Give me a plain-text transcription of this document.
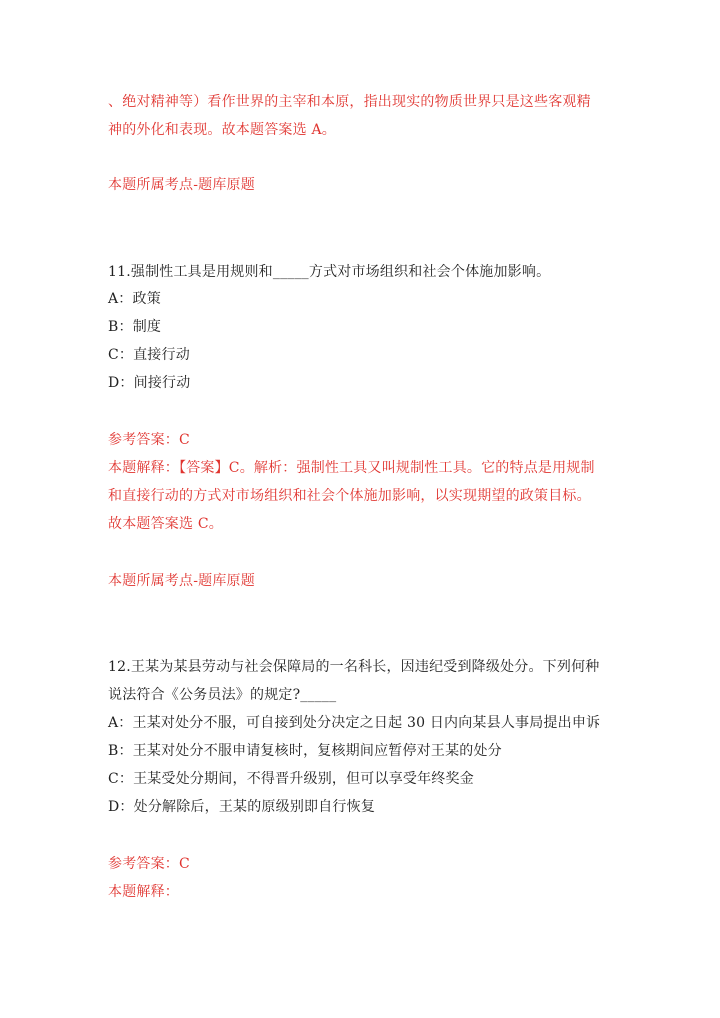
、绝对精神等）看作世界的主宰和本原，指出现实的物质世界只是这些客观精
神的外化和表现。故本题答案选 A。
本题所属考点-题库原题
11.强制性工具是用规则和_____方式对市场组织和社会个体施加影响。
A：政策
B：制度
C：直接行动
D：间接行动
参考答案：C
本题解释：【答案】C。解析：强制性工具又叫规制性工具。它的特点是用规制
和直接行动的方式对市场组织和社会个体施加影响，以实现期望的政策目标。
故本题答案选 C。
本题所属考点-题库原题
12.王某为某县劳动与社会保障局的一名科长，因违纪受到降级处分。下列何种
说法符合《公务员法》的规定?_____
A：王某对处分不服，可自接到处分决定之日起 30 日内向某县人事局提出申诉
B：王某对处分不服申请复核时，复核期间应暂停对王某的处分
C：王某受处分期间，不得晋升级别，但可以享受年终奖金
D：处分解除后，王某的原级别即自行恢复
参考答案：C
本题解释：
